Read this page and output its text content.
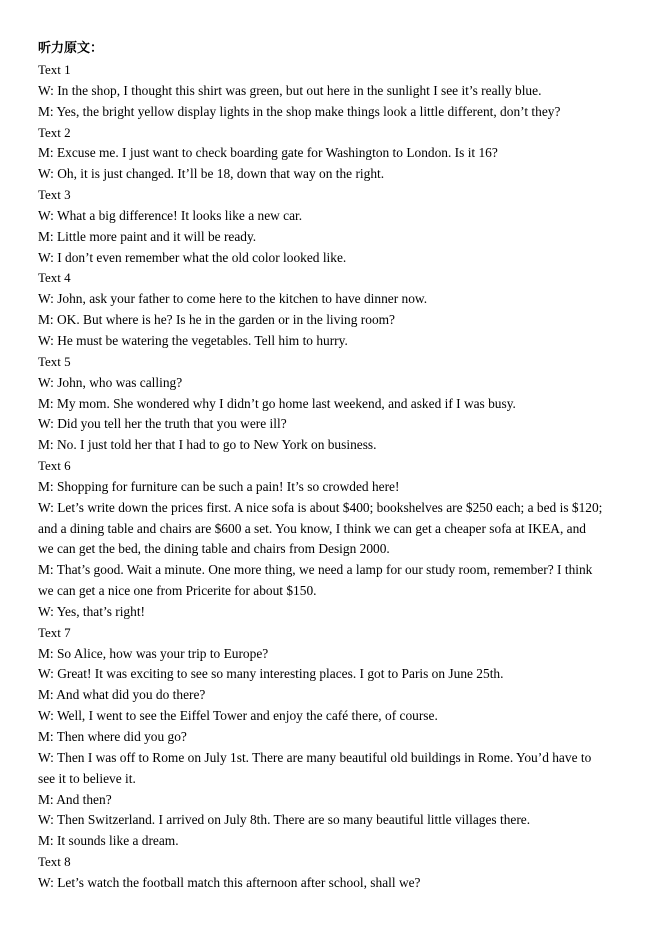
听力原文：
Text 1
W: In the shop, I thought this shirt was green, but out here in the sunlight I see it’s really blue.
M: Yes, the bright yellow display lights in the shop make things look a little different, don’t they?
Text 2
M: Excuse me. I just want to check boarding gate for Washington to London. Is it 16?
W: Oh, it is just changed. It’ll be 18, down that way on the right.
Text 3
W: What a big difference! It looks like a new car.
M: Little more paint and it will be ready.
W: I don’t even remember what the old color looked like.
Text 4
W: John, ask your father to come here to the kitchen to have dinner now.
M: OK. But where is he? Is he in the garden or in the living room?
W: He must be watering the vegetables. Tell him to hurry.
Text 5
W: John, who was calling?
M: My mom. She wondered why I didn’t go home last weekend, and asked if I was busy.
W: Did you tell her the truth that you were ill?
M: No. I just told her that I had to go to New York on business.
Text 6
M: Shopping for furniture can be such a pain! It’s so crowded here!
W: Let’s write down the prices first. A nice sofa is about $400; bookshelves are $250 each; a bed is $120;
and a dining table and chairs are $600 a set. You know, I think we can get a cheaper sofa at IKEA, and
we can get the bed, the dining table and chairs from Design 2000.
M: That’s good. Wait a minute. One more thing, we need a lamp for our study room, remember? I think
we can get a nice one from Pricerite for about $150.
W: Yes, that’s right!
Text 7
M: So Alice, how was your trip to Europe?
W: Great! It was exciting to see so many interesting places. I got to Paris on June 25th.
M: And what did you do there?
W: Well, I went to see the Eiffel Tower and enjoy the café there, of course.
M: Then where did you go?
W: Then I was off to Rome on July 1st. There are many beautiful old buildings in Rome. You’d have to
see it to believe it.
M: And then?
W: Then Switzerland. I arrived on July 8th. There are so many beautiful little villages there.
M: It sounds like a dream.
Text 8
W: Let’s watch the football match this afternoon after school, shall we?
